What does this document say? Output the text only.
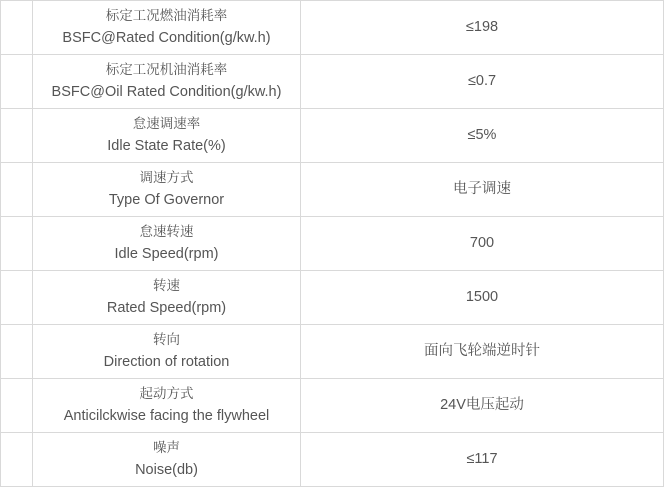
	标定工况燃油消耗率
BSFC@Rated Condition(g/kw.h)	≤198

	标定工况机油消耗率
BSFC@Oil Rated Condition(g/kw.h)	≤0.7

	怠速调速率
Idle State Rate(%)	≤5%

	调速方式
Type Of Governor	电子调速

	怠速转速
Idle Speed(rpm)	700

	转速
Rated Speed(rpm)	1500

	转向
Direction of rotation	面向飞轮端逆时针

	起动方式
Anticilckwise facing the flywheel	24V电压起动

	噪声
Noise(db)	≤117
